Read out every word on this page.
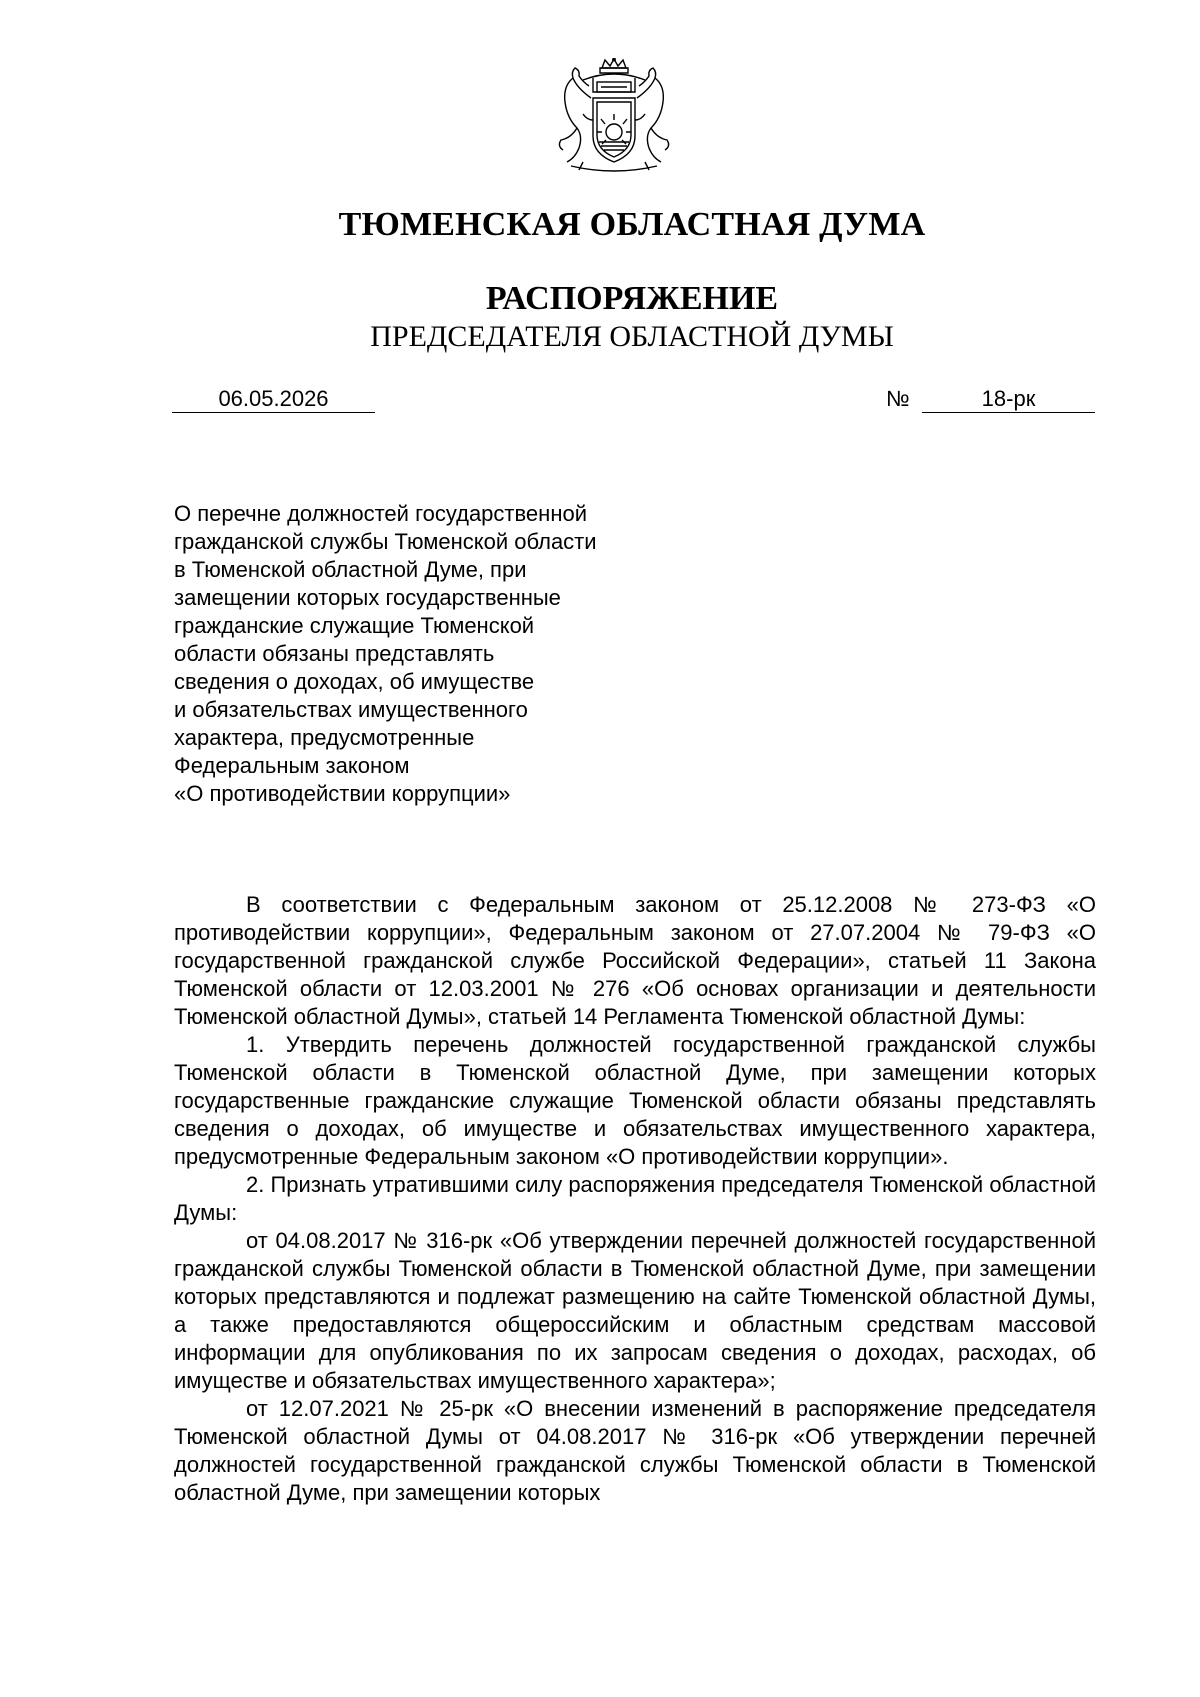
ТЮМЕНСКАЯ ОБЛАСТНАЯ ДУМА
РАСПОРЯЖЕНИЕ
ПРЕДСЕДАТЕЛЯ ОБЛАСТНОЙ ДУМЫ
06.05.2026	№	18-рк
О перечне должностей государственной
гражданской службы Тюменской области
в Тюменской областной Думе, при
замещении которых государственные
гражданские служащие Тюменской
области обязаны представлять
сведения о доходах, об имуществе
и обязательствах имущественного
характера, предусмотренные
Федеральным законом
«О противодействии коррупции»

В соответствии с Федеральным законом от 25.12.2008 № 273-ФЗ «О противодействии коррупции», Федеральным законом от 27.07.2004 № 79-ФЗ «О государственной гражданской службе Российской Федерации», статьей 11 Закона Тюменской области от 12.03.2001 № 276 «Об основах организации и деятельности Тюменской областной Думы», статьей 14 Регламента Тюменской областной Думы:

1. Утвердить перечень должностей государственной гражданской службы Тюменской области в Тюменской областной Думе, при замещении которых государственные гражданские служащие Тюменской области обязаны представлять сведения о доходах, об имуществе и обязательствах имущественного характера, предусмотренные Федеральным законом «О противодействии коррупции».

2. Признать утратившими силу распоряжения председателя Тюменской областной Думы:

от 04.08.2017 № 316-рк «Об утверждении перечней должностей государственной гражданской службы Тюменской области в Тюменской областной Думе, при замещении которых представляются и подлежат размещению на сайте Тюменской областной Думы, а также предоставляются общероссийским и областным средствам массовой информации для опубликования по их запросам сведения о доходах, расходах, об имуществе и обязательствах имущественного характера»;

от 12.07.2021 № 25-рк «О внесении изменений в распоряжение председателя Тюменской областной Думы от 04.08.2017 № 316-рк «Об утверждении перечней должностей государственной гражданской службы Тюменской области в Тюменской областной Думе, при замещении которых
